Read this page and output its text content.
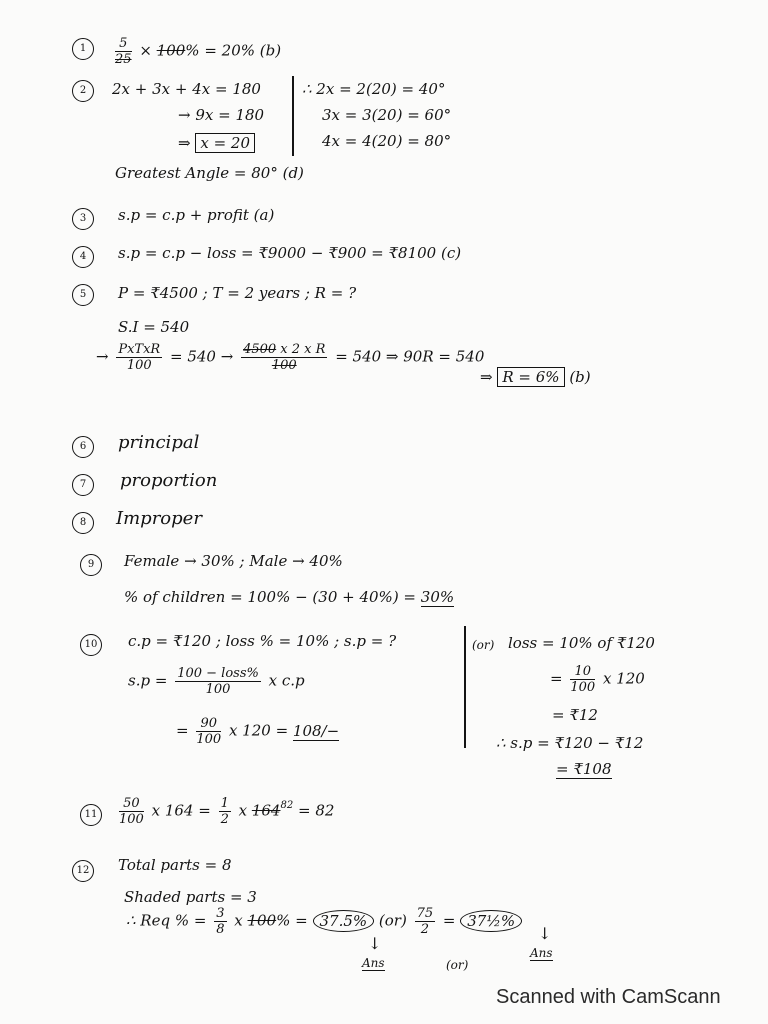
1	$\frac{5}{25} \times 100\% = 20\%$ (b)
2	2x + 3x + 4x = 180
→ 9x = 180
⇒ x = 20
∴ 2x = 2(20) = 40°
3x = 3(20) = 60°
4x = 4(20) = 80°
Greatest Angle = 80° (d)
3	s.p = c.p + profit (a)
4	s.p = c.p − loss = ₹9000 − ₹900 = ₹8100 (c)
5	P = ₹4500 ; T = 2 years ; R = ?
S.I = 540
→ $\frac{\text{PxTxR}}{100} = 540 \to \frac{\text{4500 x 2 x R}}{100} = 540$ ⇒ 90R = 540
⇒ R = 6% (b)
6	principal
7	proportion
8	Improper
9	Female → 30% ; Male → 40%
% of children = 100% − (30 + 40%) = 30%
10	c.p = ₹120 ; loss % = 10% ; s.p = ?
$s.p = \frac{\text{100 − loss\%}}{100}$ x c.p
= $\frac{90}{100}$ x 120 = 108/−
(or) loss = 10% of ₹120
= $\frac{10}{100}$ x 120
= ₹12
∴ s.p = ₹120 − ₹12
= ₹108
11	$\frac{50}{100}$ x $164 = \frac{1}{2}$ x $164^{82} = 82$
12	Total parts = 8
Shaded parts = 3
∴ Req % = $\frac{3}{8}$ x 100% = 37.5% $(or) \frac{75}{2}$ = 37½%
↓
Ans	(or)
↓
Ans
Scanned with CamScann
